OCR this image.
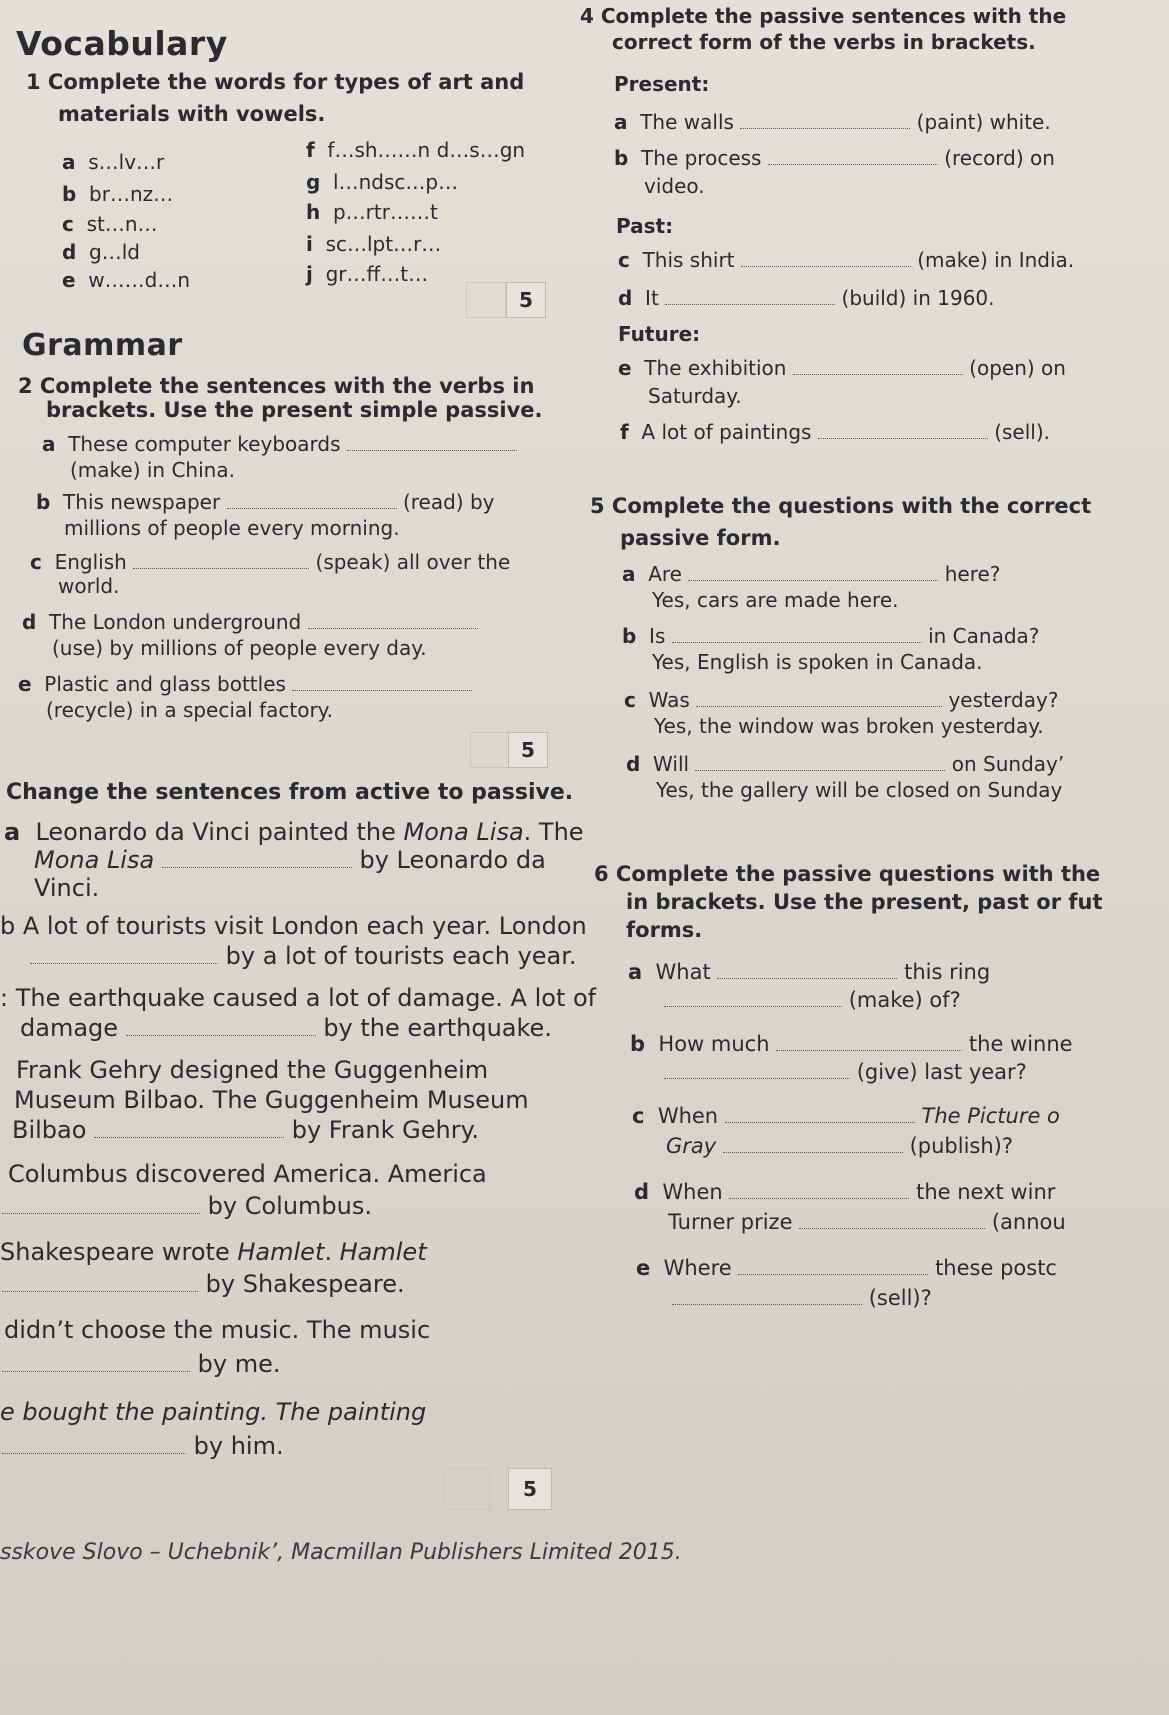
Vocabulary
1 Complete the words for types of art and
materials with vowels.
a s…lv…r
b br…nz…
c st…n…
d g…ld
e w……d…n
f f…sh……n d…s…gn
g l…ndsc…p…
h p…rtr……t
i sc…lpt…r…
j gr…ff…t…
5
Grammar
2 Complete the sentences with the verbs in
brackets. Use the present simple passive.
a These computer keyboards
(make) in China.
b This newspaper	(read) by
millions of people every morning.
c English	(speak) all over the
world.
d The London underground
(use) by millions of people every day.
e Plastic and glass bottles
(recycle) in a special factory.
5
Change the sentences from active to passive.
a Leonardo da Vinci painted the Mona Lisa. The
Mona Lisa	by Leonardo da
Vinci.
b A lot of tourists visit London each year. London
by a lot of tourists each year.
: The earthquake caused a lot of damage. A lot of
damage	by the earthquake.
Frank Gehry designed the Guggenheim
Museum Bilbao. The Guggenheim Museum
Bilbao	by Frank Gehry.
Columbus discovered America. America
by Columbus.
Shakespeare wrote Hamlet. Hamlet
by Shakespeare.
didn’t choose the music. The music
by me.
e bought the painting. The painting
by him.
5
sskove Slovo – Uchebnik’, Macmillan Publishers Limited 2015.
4 Complete the passive sentences with the
correct form of the verbs in brackets.
Present:
a The walls	(paint) white.
b The process	(record) on
video.
Past:
c This shirt	(make) in India.
d It	(build) in 1960.
Future:
e The exhibition	(open) on
Saturday.
f A lot of paintings	(sell).
5 Complete the questions with the correct
passive form.
a Are	here?
Yes, cars are made here.
b Is	in Canada?
Yes, English is spoken in Canada.
c Was	yesterday?
Yes, the window was broken yesterday.
d Will	on Sunday’
Yes, the gallery will be closed on Sunday
6 Complete the passive questions with the
in brackets. Use the present, past or fut
forms.
a What	this ring
(make) of?
b How much	the winne
(give) last year?
c When	The Picture o
Gray	(publish)?
d When	the next winr
Turner prize	(annou
e Where	these postc
(sell)?
